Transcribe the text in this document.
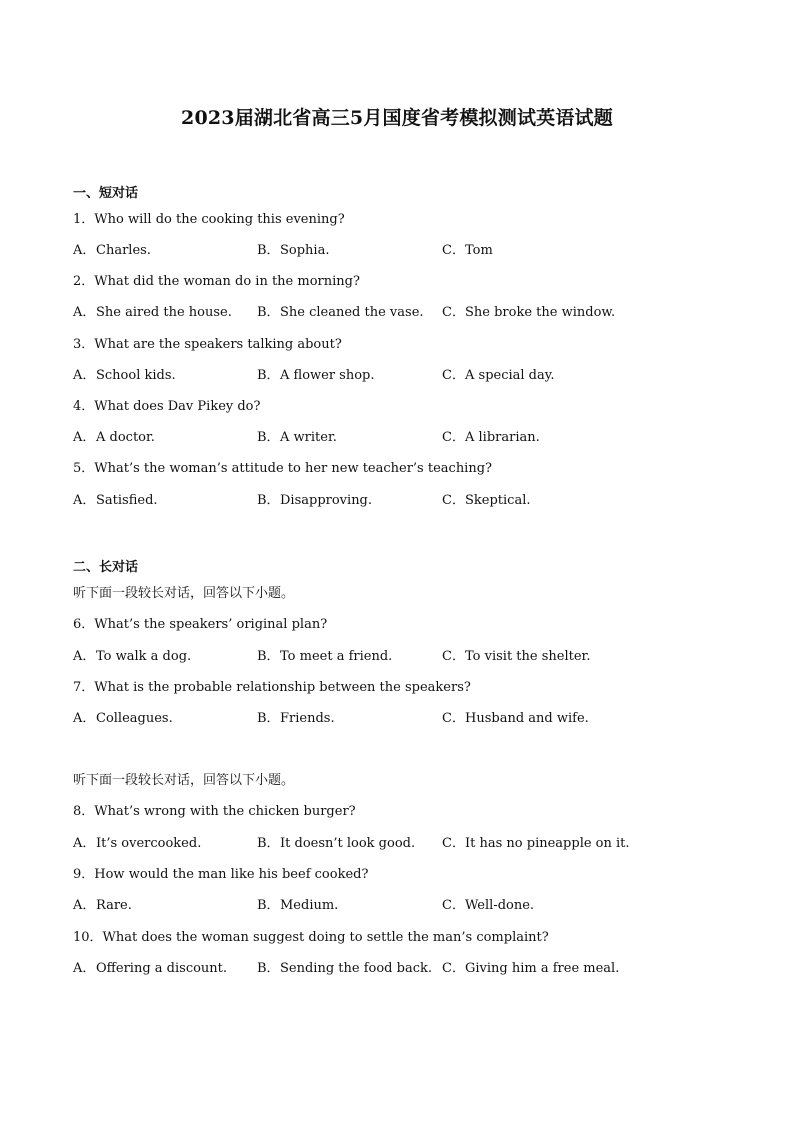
2023届湖北省高三5月国度省考模拟测试英语试题
一、短对话
1．Who will do the cooking this evening?
A．Charles.	B．Sophia.	C．Tom
2．What did the woman do in the morning?
A．She aired the house. B．She cleaned the vase. C．She broke the window.
3．What are the speakers talking about?
A．School kids.	B．A flower shop.	C．A special day.
4．What does Dav Pikey do?
A．A doctor.	B．A writer.	C．A librarian.
5．What’s the woman’s attitude to her new teacher’s teaching?
A．Satisfied.	B．Disapproving.	C．Skeptical.
二、长对话
听下面一段较长对话，回答以下小题。
6．What’s the speakers’ original plan?
A．To walk a dog.	B．To meet a friend.	C．To visit the shelter.
7．What is the probable relationship between the speakers?
A．Colleagues.	B．Friends.	C．Husband and wife.
听下面一段较长对话，回答以下小题。
8．What’s wrong with the chicken burger?
A．It’s overcooked.	B．It doesn’t look good. C．It has no pineapple on it.
9．How would the man like his beef cooked?
A．Rare.	B．Medium.	C．Well-done.
10．What does the woman suggest doing to settle the man’s complaint?
A．Offering a discount. B．Sending the food back. C．Giving him a free meal.
